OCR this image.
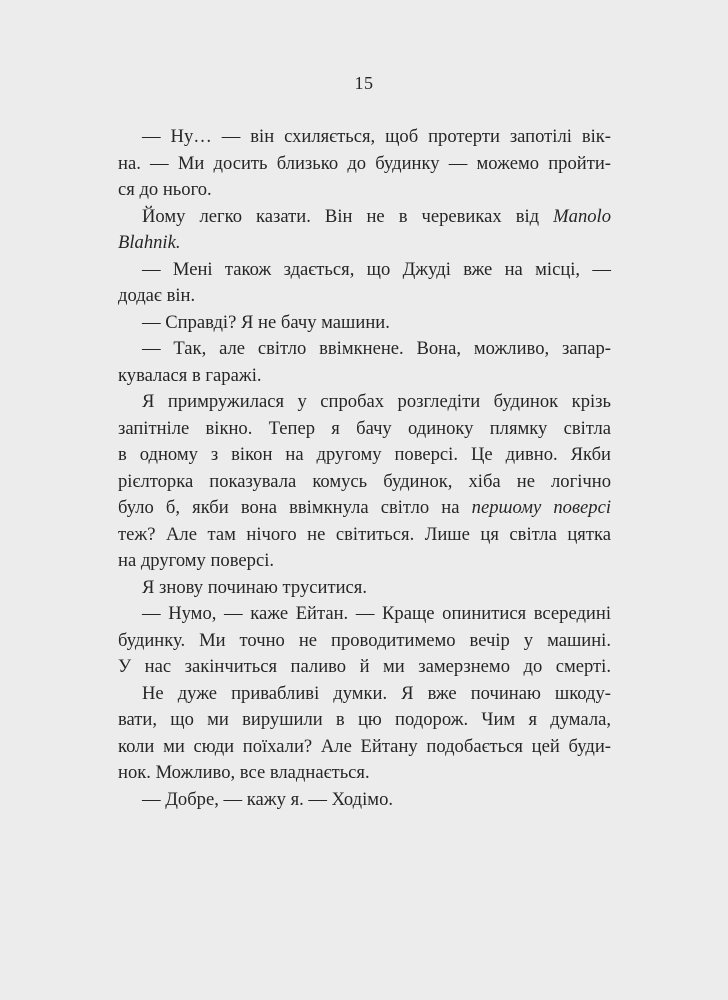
15

— Ну… — він схиляється, щоб протерти запотілі вік-
на. — Ми досить близько до будинку — можемо пройти-
ся до нього.

Йому легко казати. Він не в черевиках від Manolo
Blahnik.

— Мені також здається, що Джуді вже на місці, —
додає він.

— Справді? Я не бачу машини.

— Так, але світло ввімкнене. Вона, можливо, запар-
кувалася в гаражі.

Я примружилася у спробах розгледіти будинок крізь
запітніле вікно. Тепер я бачу одиноку плямку світла
в одному з вікон на другому поверсі. Це дивно. Якби
рієлторка показувала комусь будинок, хіба не логічно
було б, якби вона ввімкнула світло на першому поверсі
теж? Але там нічого не світиться. Лише ця світла цятка
на другому поверсі.

Я знову починаю труситися.

— Нумо, — каже Ейтан. — Краще опинитися всередині
будинку. Ми точно не проводитимемо вечір у машині.
У нас закінчиться паливо й ми замерзнемо до смерті.

Не дуже привабливі думки. Я вже починаю шкоду-
вати, що ми вирушили в цю подорож. Чим я думала,
коли ми сюди поїхали? Але Ейтану подобається цей буди-
нок. Можливо, все владнається.

— Добре, — кажу я. — Ходімо.
